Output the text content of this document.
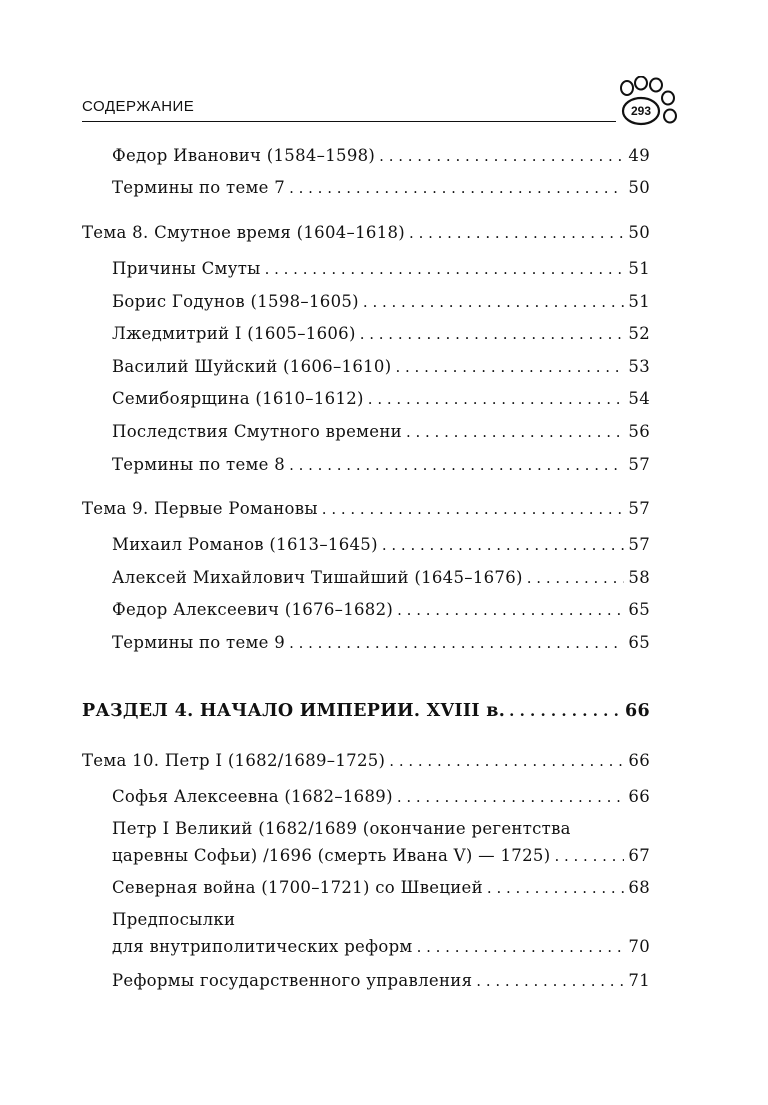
СОДЕРЖАНИЕ	293
Федор Иванович (1584–1598) . . .	49
Термины по теме 7 . . .	50
Тема 8. Смутное время (1604–1618) . . .	50
Причины Смуты . . .	51
Борис Годунов (1598–1605) . . .	51
Лжедмитрий I (1605–1606) . . .	52
Василий Шуйский (1606–1610) . . .	53
Семибоярщина (1610–1612) . . .	54
Последствия Смутного времени . . .	56
Термины по теме 8 . . .	57
Тема 9. Первые Романовы . . .	57
Михаил Романов (1613–1645) . . .	57
Алексей Михайлович Тишайший (1645–1676) . . .	58
Федор Алексеевич (1676–1682) . . .	65
Термины по теме 9 . . .	65
РАЗДЕЛ 4. НАЧАЛО ИМПЕРИИ. XVIII в. . . .	66
Тема 10. Петр I (1682/1689–1725) . . .	66
Софья Алексеевна (1682–1689) . . .	66
Петр I Великий (1682/1689 (окончание регентства
царевны Софьи) /1696 (смерть Ивана V) — 1725) . . .	67
Северная война (1700–1721) со Швецией . . .	68
Предпосылки
для внутриполитических реформ . . .	70
Реформы государственного управления . . .	71
